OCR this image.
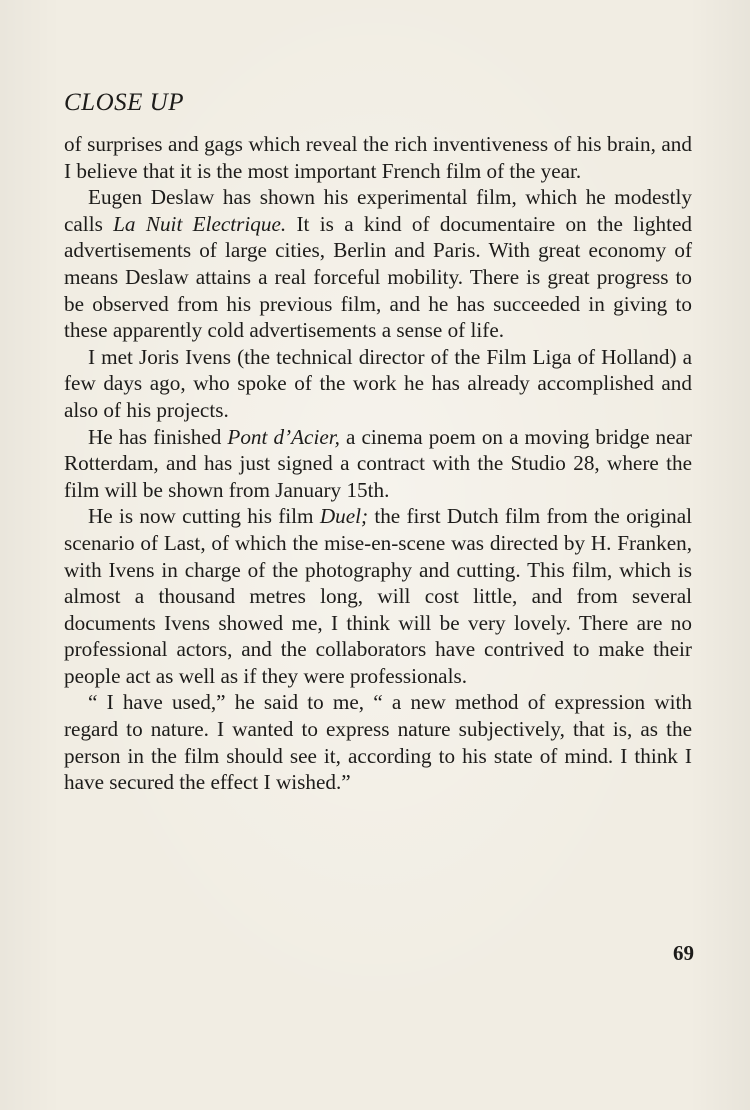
CLOSE UP

of surprises and gags which reveal the rich inventiveness of his brain, and I believe that it is the most important French film of the year.

Eugen Deslaw has shown his experimental film, which he modestly calls La Nuit Electrique. It is a kind of documentaire on the lighted advertisements of large cities, Berlin and Paris. With great economy of means Deslaw attains a real forceful mobility. There is great progress to be observed from his previous film, and he has succeeded in giving to these apparently cold advertisements a sense of life.

I met Joris Ivens (the technical director of the Film Liga of Holland) a few days ago, who spoke of the work he has already accomplished and also of his projects.

He has finished Pont d’Acier, a cinema poem on a moving bridge near Rotterdam, and has just signed a contract with the Studio 28, where the film will be shown from January 15th.

He is now cutting his film Duel; the first Dutch film from the original scenario of Last, of which the mise-en-scene was directed by H. Franken, with Ivens in charge of the photography and cutting. This film, which is almost a thousand metres long, will cost little, and from several documents Ivens showed me, I think will be very lovely. There are no professional actors, and the collaborators have contrived to make their people act as well as if they were professionals.

“ I have used,” he said to me, “ a new method of expression with regard to nature. I wanted to express nature subjectively, that is, as the person in the film should see it, according to his state of mind. I think I have secured the effect I wished.”

69
